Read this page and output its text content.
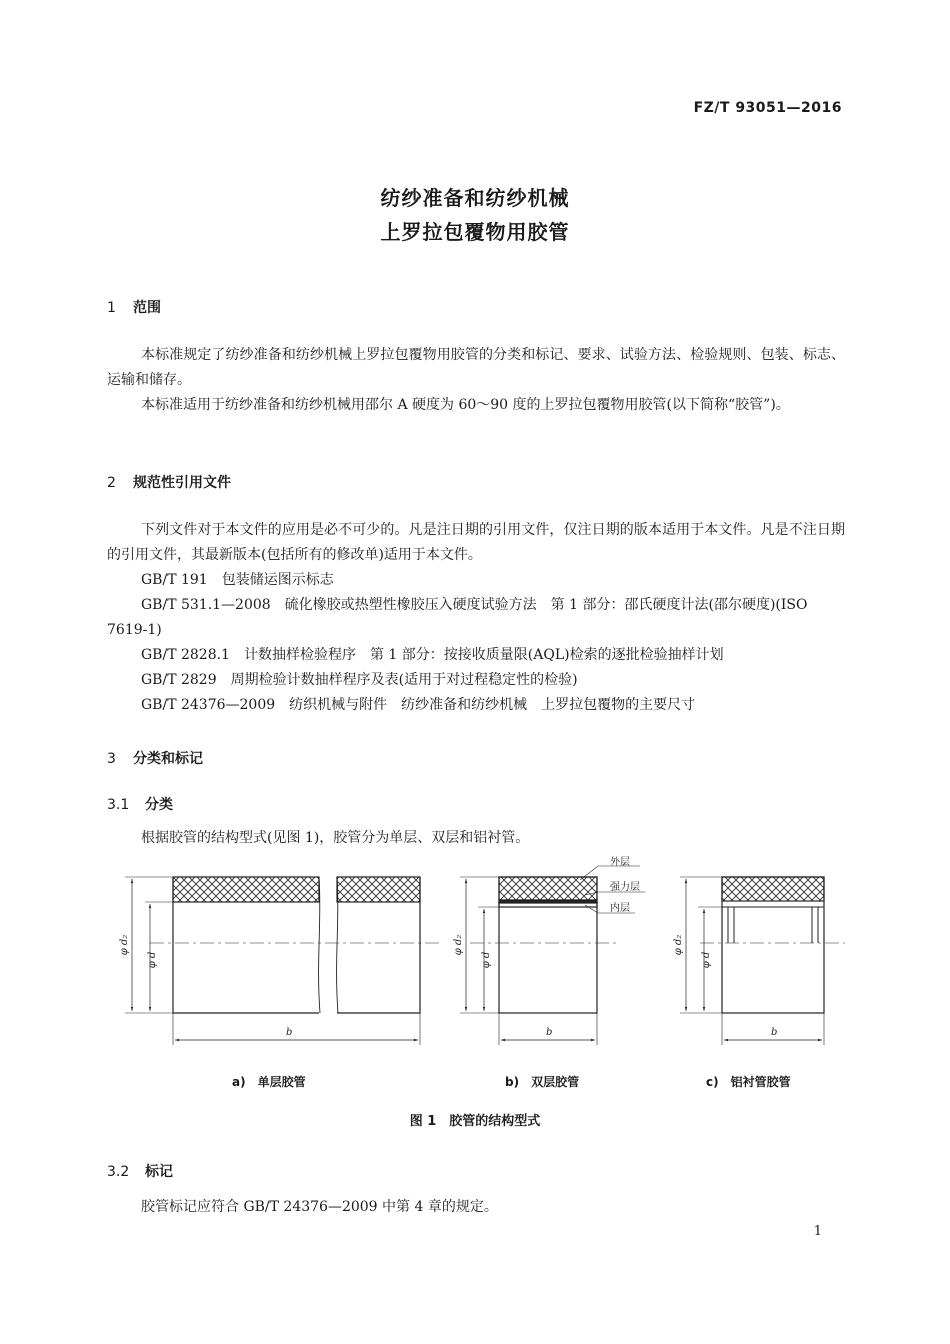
FZ/T 93051—2016
纺纱准备和纺纱机械
上罗拉包覆物用胶管
1 范围
本标准规定了纺纱准备和纺纱机械上罗拉包覆物用胶管的分类和标记、要求、试验方法、检验规则、包装、标志、运输和储存。
本标准适用于纺纱准备和纺纱机械用邵尔 A 硬度为 60～90 度的上罗拉包覆物用胶管(以下简称“胶管”)。
2 规范性引用文件
下列文件对于本文件的应用是必不可少的。凡是注日期的引用文件，仅注日期的版本适用于本文件。凡是不注日期的引用文件，其最新版本(包括所有的修改单)适用于本文件。
GB/T 191　包装储运图示标志
GB/T 531.1—2008　硫化橡胶或热塑性橡胶压入硬度试验方法　第 1 部分：邵氏硬度计法(邵尔硬度)(ISO 7619-1)
GB/T 2828.1　计数抽样检验程序　第 1 部分：按接收质量限(AQL)检索的逐批检验抽样计划
GB/T 2829　周期检验计数抽样程序及表(适用于对过程稳定性的检验)
GB/T 24376—2009　纺织机械与附件　纺纱准备和纺纱机械　上罗拉包覆物的主要尺寸
3 分类和标记
3.1 分类
根据胶管的结构型式(见图 1)，胶管分为单层、双层和铝衬管。
φ d₂
φ d
b
外层
强力层
内层
φ d₂
φ d
b
φ d₂
φ d
b
a)　单层胶管	b)　双层胶管	c)　铝衬管胶管
图 1　胶管的结构型式
3.2 标记
胶管标记应符合 GB/T 24376—2009 中第 4 章的规定。
1
